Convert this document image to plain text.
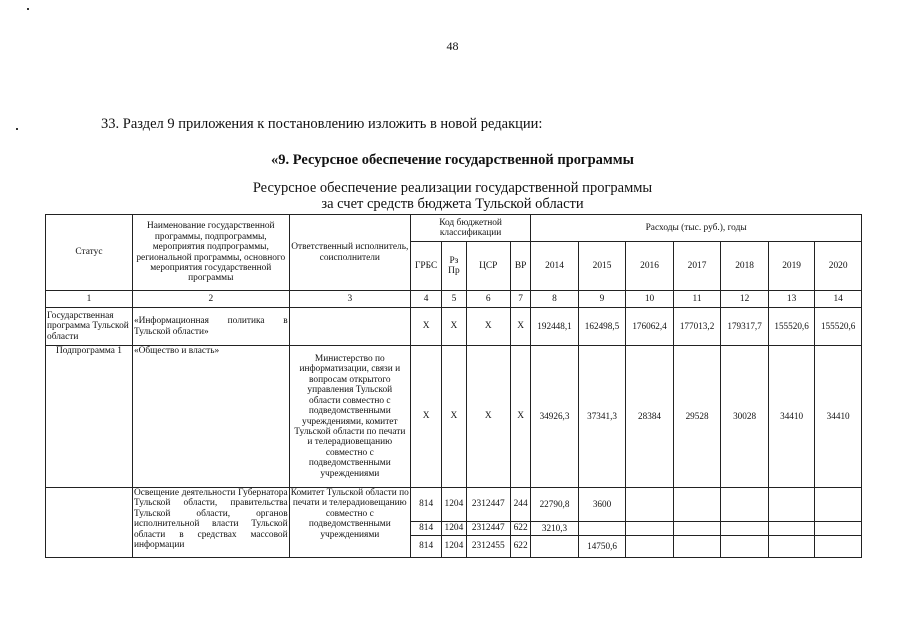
48
33. Раздел 9 приложения к постановлению изложить в новой редакции:
«9. Ресурсное обеспечение государственной программы
Ресурсное обеспечение реализации государственной программы
за счет средств бюджета Тульской области
Статус	Наименование государственной программы, подпрограммы, мероприятия подпрограммы, региональной программы, основного мероприятия государственной программы	Ответственный исполнитель, соисполнители	Код бюджетной классификации				Расходы (тыс. руб.), годы						
			ГРБС	Рз Пр	ЦСР	ВР	2014	2015	2016	2017	2018	2019	2020
1	2	3	4	5	6	7	8	9	10	11	12	13	14
Государственная программа Тульской области	«Информационная политика в Тульской области»		X	X	X	X	192448,1	162498,5	176062,4	177013,2	179317,7	155520,6	155520,6
Подпрограмма 1	«Общество и власть»	Министерство по информатизации, связи и вопросам открытого управления Тульской области совместно с подведомственными учреждениями, комитет Тульской области по печати и телерадиовещанию совместно с подведомственными учреждениями	X	X	X	X	34926,3	37341,3	28384	29528	30028	34410	34410
	Освещение деятельности Губернатора Тульской области, правительства Тульской области, органов исполнительной власти Тульской области в средствах массовой информации	Комитет Тульской области по печати и телерадиовещанию совместно с подведомственными учреждениями	814	1204	2312447	244	22790,8	3600					
			814	1204	2312447	622	3210,3						
			814	1204	2312455	622		14750,6					
